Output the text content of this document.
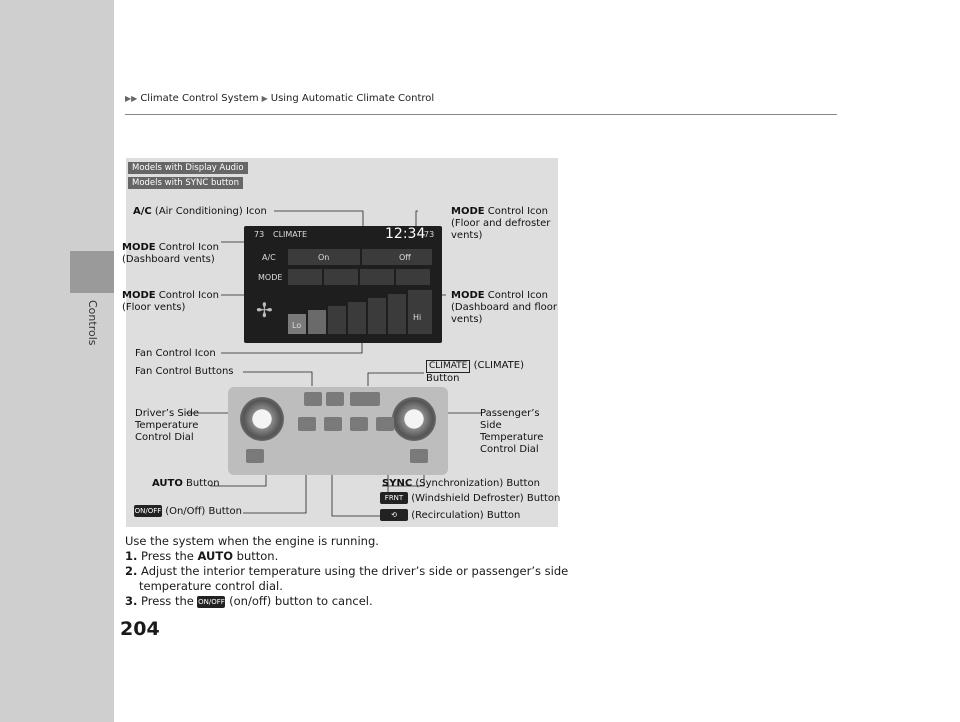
Controls
204
▶▶ Climate Control System ▶ Using Automatic Climate Control
Models with Display Audio
Models with SYNC button
73 CLIMATE	12:34
73
A/C	On	Off
MODE
✢
Lo
Hi
A/C (Air Conditioning) Icon
MODE Control Icon (Dashboard vents)
MODE Control Icon (Floor vents)
MODE Control Icon (Floor and defroster vents)
MODE Control Icon (Dashboard and floor vents)
Fan Control Icon
Fan Control Buttons	CLIMATE (CLIMATE) Button
Driver’s Side Temperature Control Dial
Passenger’s Side Temperature Control Dial
AUTO Button	SYNC (Synchronization) Button
FRNT (Windshield Defroster) Button
ON/OFF (On/Off) Button	⟲ (Recirculation) Button

Use the system when the engine is running.

1. Press the AUTO button.

2. Adjust the interior temperature using the driver’s side or passenger’s side temperature control dial.

3. Press the ON/OFF (on/off) button to cancel.
